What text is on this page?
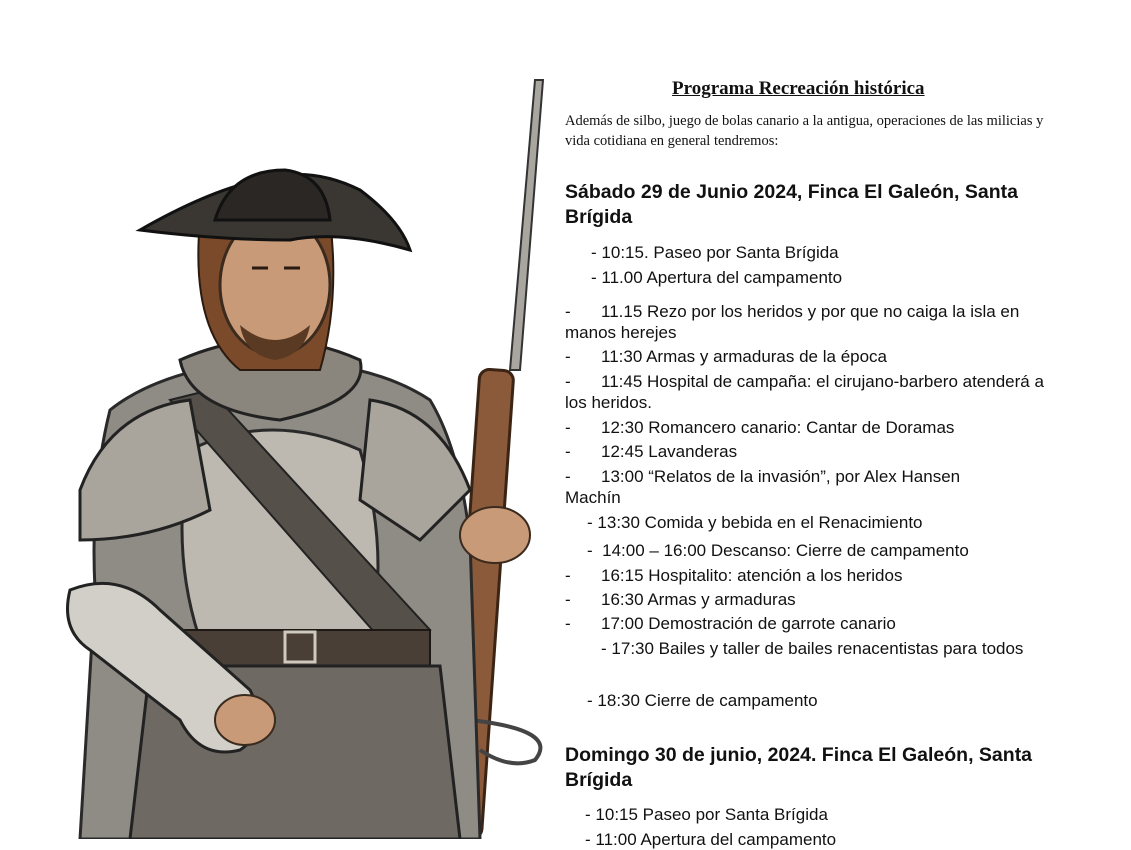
Programa Recreación histórica
Además de silbo, juego de bolas canario a la antigua, operaciones de las milicias y vida cotidiana en general tendremos:
Sábado 29 de Junio 2024, Finca El Galeón, Santa Brígida
- 10:15. Paseo por Santa Brígida
- 11.00 Apertura del campamento
- 11.15 Rezo por los heridos y por que no caiga la isla en manos herejes
- 11:30 Armas y armaduras de la época
- 11:45 Hospital de campaña: el cirujano-barbero atenderá a los heridos.
- 12:30 Romancero canario: Cantar de Doramas
- 12:45 Lavanderas
- 13:00 “Relatos de la invasión”, por Alex Hansen Machín
- 13:30 Comida y bebida en el Renacimiento
- 14:00 – 16:00 Descanso: Cierre de campamento
- 16:15 Hospitalito: atención a los heridos
- 16:30 Armas y armaduras
- 17:00 Demostración de garrote canario
- 17:30 Bailes y taller de bailes renacentistas para todos
- 18:30 Cierre de campamento
Domingo 30 de junio, 2024. Finca El Galeón, Santa Brígida
- 10:15 Paseo por Santa Brígida
- 11:00 Apertura del campamento
